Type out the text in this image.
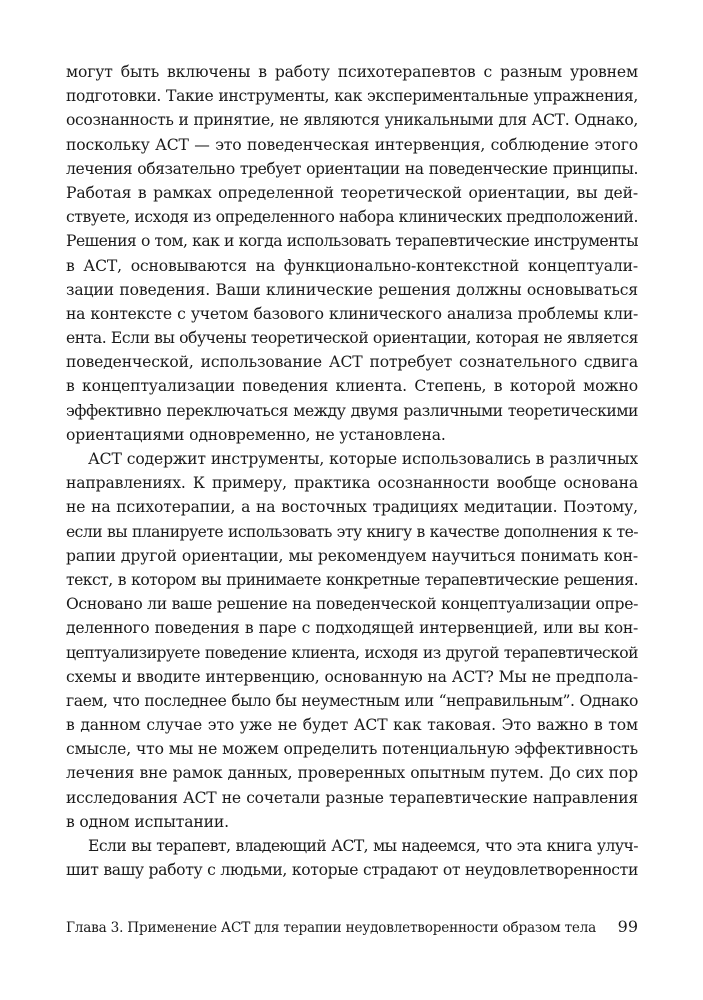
могут быть включены в работу психотерапевтов с разным уровнем
подготовки. Такие инструменты, как экспериментальные упражнения,
осознанность и принятие, не являются уникальными для АСТ. Однако,
поскольку АСТ — это поведенческая интервенция, соблюдение этого
лечения обязательно требует ориентации на поведенческие принципы.
Работая в рамках определенной теоретической ориентации, вы дей-
ствуете, исходя из определенного набора клинических предположений.
Решения о том, как и когда использовать терапевтические инструменты
в АСТ, основываются на функционально-контекстной концептуали-
зации поведения. Ваши клинические решения должны основываться
на контексте с учетом базового клинического анализа проблемы кли-
ента. Если вы обучены теоретической ориентации, которая не является
поведенческой, использование АСТ потребует сознательного сдвига
в концептуализации поведения клиента. Степень, в которой можно
эффективно переключаться между двумя различными теоретическими
ориентациями одновременно, не установлена.
АСТ содержит инструменты, которые использовались в различных
направлениях. К примеру, практика осознанности вообще основана
не на психотерапии, а на восточных традициях медитации. Поэтому,
если вы планируете использовать эту книгу в качестве дополнения к те-
рапии другой ориентации, мы рекомендуем научиться понимать кон-
текст, в котором вы принимаете конкретные терапевтические решения.
Основано ли ваше решение на поведенческой концептуализации опре-
деленного поведения в паре с подходящей интервенцией, или вы кон-
цептуализируете поведение клиента, исходя из другой терапевтической
схемы и вводите интервенцию, основанную на АСТ? Мы не предпола-
гаем, что последнее было бы неуместным или “неправильным”. Однако
в данном случае это уже не будет АСТ как таковая. Это важно в том
смысле, что мы не можем определить потенциальную эффективность
лечения вне рамок данных, проверенных опытным путем. До сих пор
исследования АСТ не сочетали разные терапевтические направления
в одном испытании.
Если вы терапевт, владеющий АСТ, мы надеемся, что эта книга улуч-
шит вашу работу с людьми, которые страдают от неудовлетворенности
Глава 3. Применение АСТ для терапии неудовлетворенности образом тела 99
